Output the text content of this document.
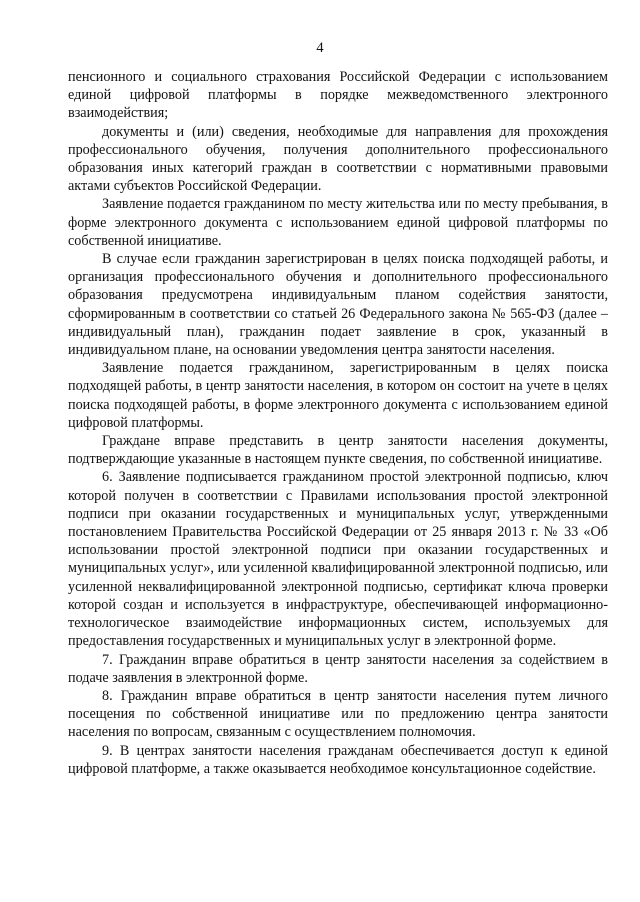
4

пенсионного и социального страхования Российской Федерации с использованием единой цифровой платформы в порядке межведомственного электронного взаимодействия;

документы и (или) сведения, необходимые для направления для прохождения профессионального обучения, получения дополнительного профессионального образования иных категорий граждан в соответствии с нормативными правовыми актами субъектов Российской Федерации.

Заявление подается гражданином по месту жительства или по месту пребывания, в форме электронного документа с использованием единой цифровой платформы по собственной инициативе.

В случае если гражданин зарегистрирован в целях поиска подходящей работы, и организация профессионального обучения и дополнительного профессионального образования предусмотрена индивидуальным планом содействия занятости, сформированным в соответствии со статьей 26 Федерального закона № 565-ФЗ (далее – индивидуальный план), гражданин подает заявление в срок, указанный в индивидуальном плане, на основании уведомления центра занятости населения.

Заявление подается гражданином, зарегистрированным в целях поиска подходящей работы, в центр занятости населения, в котором он состоит на учете в целях поиска подходящей работы, в форме электронного документа с использованием единой цифровой платформы.

Граждане вправе представить в центр занятости населения документы, подтверждающие указанные в настоящем пункте сведения, по собственной инициативе.

6. Заявление подписывается гражданином простой электронной подписью, ключ которой получен в соответствии с Правилами использования простой электронной подписи при оказании государственных и муниципальных услуг, утвержденными постановлением Правительства Российской Федерации от 25 января 2013 г. № 33 «Об использовании простой электронной подписи при оказании государственных и муниципальных услуг», или усиленной квалифицированной электронной подписью, или усиленной неквалифицированной электронной подписью, сертификат ключа проверки которой создан и используется в инфраструктуре, обеспечивающей информационно-технологическое взаимодействие информационных систем, используемых для предоставления государственных и муниципальных услуг в электронной форме.

7. Гражданин вправе обратиться в центр занятости населения за содействием в подаче заявления в электронной форме.

8. Гражданин вправе обратиться в центр занятости населения путем личного посещения по собственной инициативе или по предложению центра занятости населения по вопросам, связанным с осуществлением полномочия.

9. В центрах занятости населения гражданам обеспечивается доступ к единой цифровой платформе, а также оказывается необходимое консультационное содействие.
